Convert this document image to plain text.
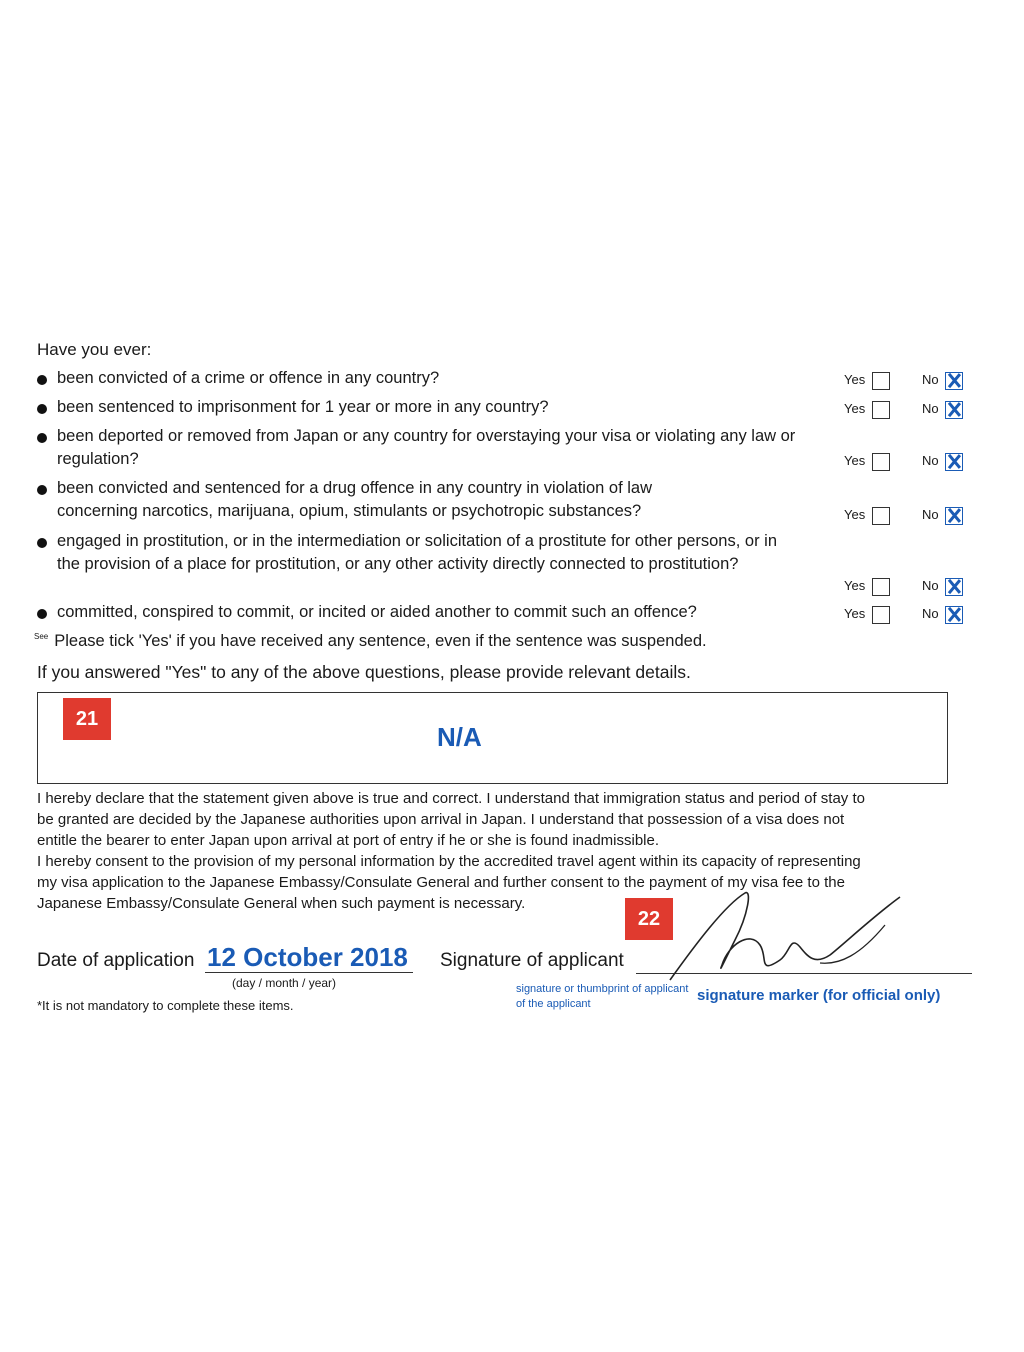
Have you ever:
been convicted of a crime or offence in any country?	Yes	No
been sentenced to imprisonment for 1 year or more in any country?	Yes	No
been deported or removed from Japan or any country for overstaying your visa or violating any law or regulation?	Yes	No
been convicted and sentenced for a drug offence in any country in violation of law concerning narcotics, marijuana, opium, stimulants or psychotropic substances?	Yes	No
engaged in prostitution, or in the intermediation or solicitation of a prostitute for other persons, or in the provision of a place for prostitution, or any other activity directly connected to prostitution?
Yes	No
committed, conspired to commit, or incited or aided another to commit such an offence?	Yes	No
$^{See}$ Please tick 'Yes' if you have received any sentence, even if the sentence was suspended.
If you answered "Yes" to any of the above questions, please provide relevant details.
21
N/A
I hereby declare that the statement given above is true and correct. I understand that immigration status and period of stay to
be granted are decided by the Japanese authorities upon arrival in Japan. I understand that possession of a visa does not
entitle the bearer to enter Japan upon arrival at port of entry if he or she is found inadmissible.
I hereby consent to the provision of my personal information by the accredited travel agent within its capacity of representing
my visa application to the Japanese Embassy/Consulate General and further consent to the payment of my visa fee to the
Japanese Embassy/Consulate General when such payment is necessary.
22
Date of application 12 October 2018
(day / month / year)
*It is not mandatory to complete these items.
Signature of applicant
signature or thumbprint of applicant
of the applicant	signature marker (for official only)
